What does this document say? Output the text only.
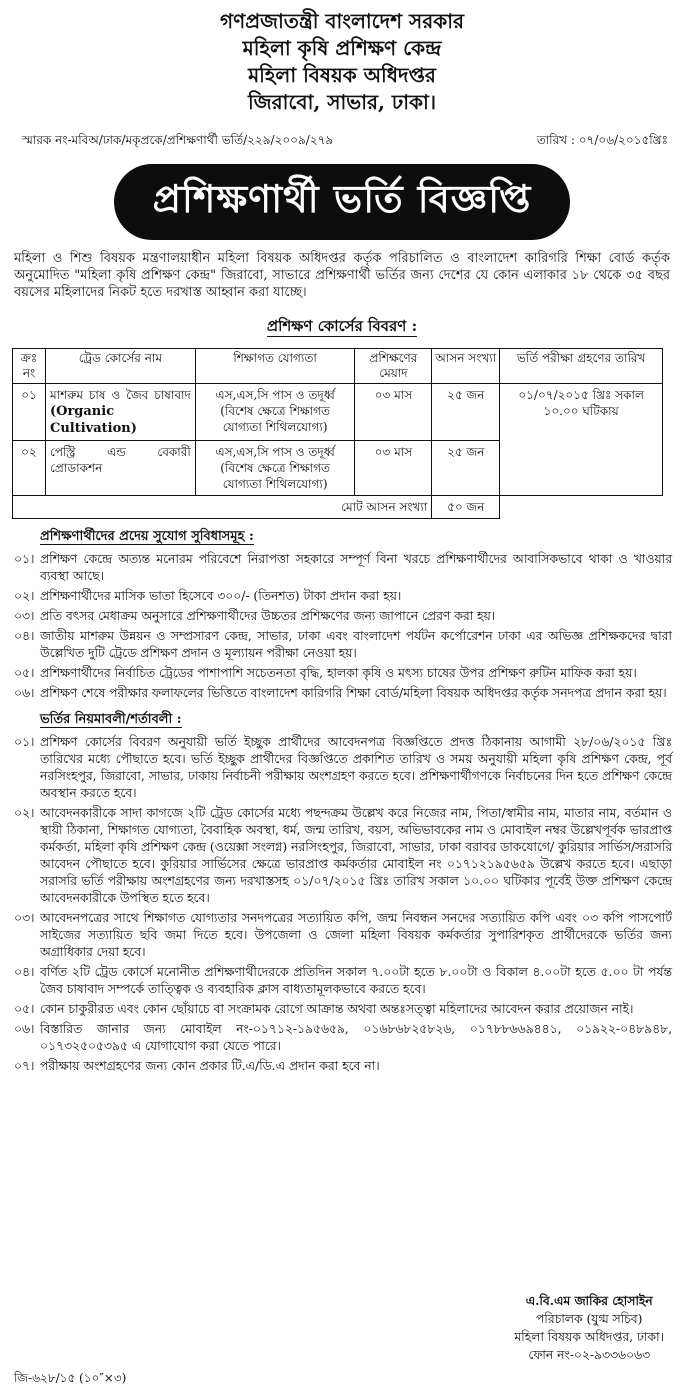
গণপ্রজাতন্ত্রী বাংলাদেশ সরকার
মহিলা কৃষি প্রশিক্ষণ কেন্দ্র
মহিলা বিষয়ক অধিদপ্তর
জিরাবো, সাভার, ঢাকা।
স্মারক নং-মবিঅ/ঢাক/মকৃপ্রকে/প্রশিক্ষণার্থী ভর্তি/২২৯/২০০৯/২৭৯	তারিখ : ০৭/০৬/২০১৫খ্রিঃ
প্রশিক্ষণার্থী ভর্তি বিজ্ঞপ্তি

মহিলা ও শিশু বিষয়ক মন্ত্রণালয়াধীন মহিলা বিষয়ক অধিদপ্তর কর্তৃক পরিচালিত ও বাংলাদেশ কারিগরি শিক্ষা বোর্ড কর্তৃক অনুমোদিত "মহিলা কৃষি প্রশিক্ষণ কেন্দ্র" জিরাবো, সাভারে প্রশিক্ষণার্থী ভর্তির জন্য দেশের যে কোন এলাকার ১৮ থেকে ৩৫ বছর বয়সের মহিলাদের নিকট হতে দরখাস্ত আহ্বান করা যাচ্ছে।

প্রশিক্ষণ কোর্সের বিবরণ :
ক্রঃ নং	ট্রেড কোর্সের নাম	শিক্ষাগত যোগ্যতা	প্রশিক্ষণের মেয়াদ	আসন সংখ্যা	ভর্তি পরীক্ষা গ্রহণের তারিখ
০১	মাশরুম চাষ ও জৈব চাষাবাদ (Organic Cultivation)	এস,এস,সি পাস ও তদূর্ধ্ব (বিশেষ ক্ষেত্রে শিক্ষাগত যোগ্যতা শিথিলযোগ্য)	০৩ মাস	২৫ জন	০১/০৭/২০১৫ খ্রিঃ সকাল ১০.০০ ঘটিকায়
০২	পেস্ট্রি এন্ড বেকারী প্রোডাকশন	এস,এস,সি পাস ও তদূর্ধ্ব (বিশেষ ক্ষেত্রে শিক্ষাগত যোগ্যতা শিথিলযোগ্য)	০৩ মাস	২৫ জন	
মোট আসন সংখ্যা				৫০ জন	
প্রশিক্ষণার্থীদের প্রদেয় সুযোগ সুবিধাসমূহ :
০১। প্রশিক্ষণ কেন্দ্রে অত্যন্ত মনোরম পরিবেশে নিরাপত্তা সহকারে সম্পূর্ণ বিনা খরচে প্রশিক্ষণার্থীদের আবাসিকভাবে থাকা ও খাওয়ার ব্যবস্থা আছে।
০২। প্রশিক্ষণার্থীদের মাসিক ভাতা হিসেবে ৩০০/- (তিনশত) টাকা প্রদান করা হয়।
০৩। প্রতি বৎসর মেধাক্রম অনুসারে প্রশিক্ষণার্থীদের উচ্চতর প্রশিক্ষণের জন্য জাপানে প্রেরণ করা হয়।
০৪। জাতীয় মাশরুম উন্নয়ন ও সম্প্রসারণ কেন্দ্র, সাভার, ঢাকা এবং বাংলাদেশ পর্যটন কর্পোরেশন ঢাকা এর অভিজ্ঞ প্রশিক্ষকদের দ্বারা উল্লেখিত দুটি ট্রেডে প্রশিক্ষণ প্রদান ও মূল্যায়ন পরীক্ষা নেওয়া হয়।
০৫। প্রশিক্ষণার্থীদের নির্বাচিত ট্রেডের পাশাপাশি সচেতনতা বৃদ্ধি, হালকা কৃষি ও মৎস্য চাষের উপর প্রশিক্ষণ রুটিন মাফিক করা হয়।
০৬। প্রশিক্ষণ শেষে পরীক্ষার ফলাফলের ভিত্তিতে বাংলাদেশ কারিগরি শিক্ষা বোর্ড/মহিলা বিষয়ক অধিদপ্তর কর্তৃক সনদপত্র প্রদান করা হয়।
ভর্তির নিয়মাবলী/শর্তাবলী :
০১। প্রশিক্ষণ কোর্সের বিবরণ অনুযায়ী ভর্তি ইচ্ছুক প্রার্থীদের আবেদনপত্র বিজ্ঞপ্তিতে প্রদত্ত ঠিকানায় আগামী ২৮/০৬/২০১৫ খ্রিঃ তারিখের মধ্যে পৌছাতে হবে। ভর্তি ইচ্ছুক প্রার্থীদের বিজ্ঞপ্তিতে প্রকাশিত তারিখ ও সময় অনুযায়ী মহিলা কৃষি প্রশিক্ষণ কেন্দ্র, পূর্ব নরসিংহপুর, জিরাবো, সাভার, ঢাকায় নির্বাচনী পরীক্ষায় অংশগ্রহণ করতে হবে। প্রশিক্ষণার্থীগণকে নির্বাচনের দিন হতে প্রশিক্ষণ কেন্দ্রে অবস্থান করতে হবে।
০২। আবেদনকারীকে সাদা কাগজে ২টি ট্রেড কোর্সের মধ্যে পছন্দক্রম উল্লেখ করে নিজের নাম, পিতা/স্বামীর নাম, মাতার নাম, বর্তমান ও স্থায়ী ঠিকানা, শিক্ষাগত যোগ্যতা, বৈবাহিক অবস্থা, ধর্ম, জন্ম তারিখ, বয়স, অভিভাবকের নাম ও মোবাইল নম্বর উল্লেখপূর্বক ভারপ্রাপ্ত কর্মকর্তা, মহিলা কৃষি প্রশিক্ষণ কেন্দ্র (ওয়েক্সা সংলগ্ন) নরসিংহপুর, জিরাবো, সাভার, ঢাকা বরাবর ডাকযোগে/ কুরিয়ার সার্ভিস/সরাসরি আবেদন পৌছাতে হবে। কুরিয়ার সার্ভিসের ক্ষেত্রে ভারপ্রাপ্ত কর্মকর্তার মোবাইল নং ০১৭১২১৯৫৬৫৯ উল্লেখ করতে হবে। এছাড়া সরাসরি ভর্তি পরীক্ষায় অংশগ্রহণের জন্য দরখাস্তসহ ০১/০৭/২০১৫ খ্রিঃ তারিখ সকাল ১০.০০ ঘটিকার পূর্বেই উক্ত প্রশিক্ষণ কেন্দ্রে আবেদনকারীকে উপস্থিত হতে হবে।
০৩। আবেদনপত্রের সাথে শিক্ষাগত যোগ্যতার সনদপত্রের সত্যায়িত কপি, জন্ম নিবন্ধন সনদের সত্যায়িত কপি এবং ০৩ কপি পাসপোর্ট সাইজের সত্যায়িত ছবি জমা দিতে হবে। উপজেলা ও জেলা মহিলা বিষয়ক কর্মকর্তার সুপারিশকৃত প্রার্থীদেরকে ভর্তির জন্য অগ্রাধিকার দেয়া হবে।
০৪। বর্ণিত ২টি ট্রেড কোর্সে মনোনীত প্রশিক্ষণার্থীদেরকে প্রতিদিন সকাল ৭.০০টা হতে ৮.০০টা ও বিকাল ৪.০০টা হতে ৫.০০ টা পর্যন্ত জৈব চাষাবাদ সম্পর্কে তাত্ত্বিক ও ব্যবহারিক ক্লাস বাধ্যতামূলকভাবে করতে হবে।
০৫। কোন চাকুরীরত এবং কোন ছোঁয়াচে বা সংক্রামক রোগে আক্রান্ত অথবা অন্তঃসত্ত্বা মহিলাদের আবেদন করার প্রয়োজন নাই।
০৬। বিস্তারিত জানার জন্য মোবাইল নং-০১৭১২-১৯৫৬৫৯, ০১৬৮৬৮২৫৮২৬, ০১৭৮৮৬৬৯৪৪১, ০১৯২২-০৪৮৯৪৮, ০১৭৩২৫০৫৩৯৫ এ যোগাযোগ করা যেতে পারে।
০৭। পরীক্ষায় অংশগ্রহণের জন্য কোন প্রকার টি.এ/ডি.এ প্রদান করা হবে না।
এ.বি.এম জাকির হোসাইন
পরিচালক (যুগ্ম সচিব)
মহিলা বিষয়ক অধিদপ্তর, ঢাকা।
ফোন নং-০২-৯৩৩৬০৬৩
জি-৬২৮/১৫ (১০″×৩)
